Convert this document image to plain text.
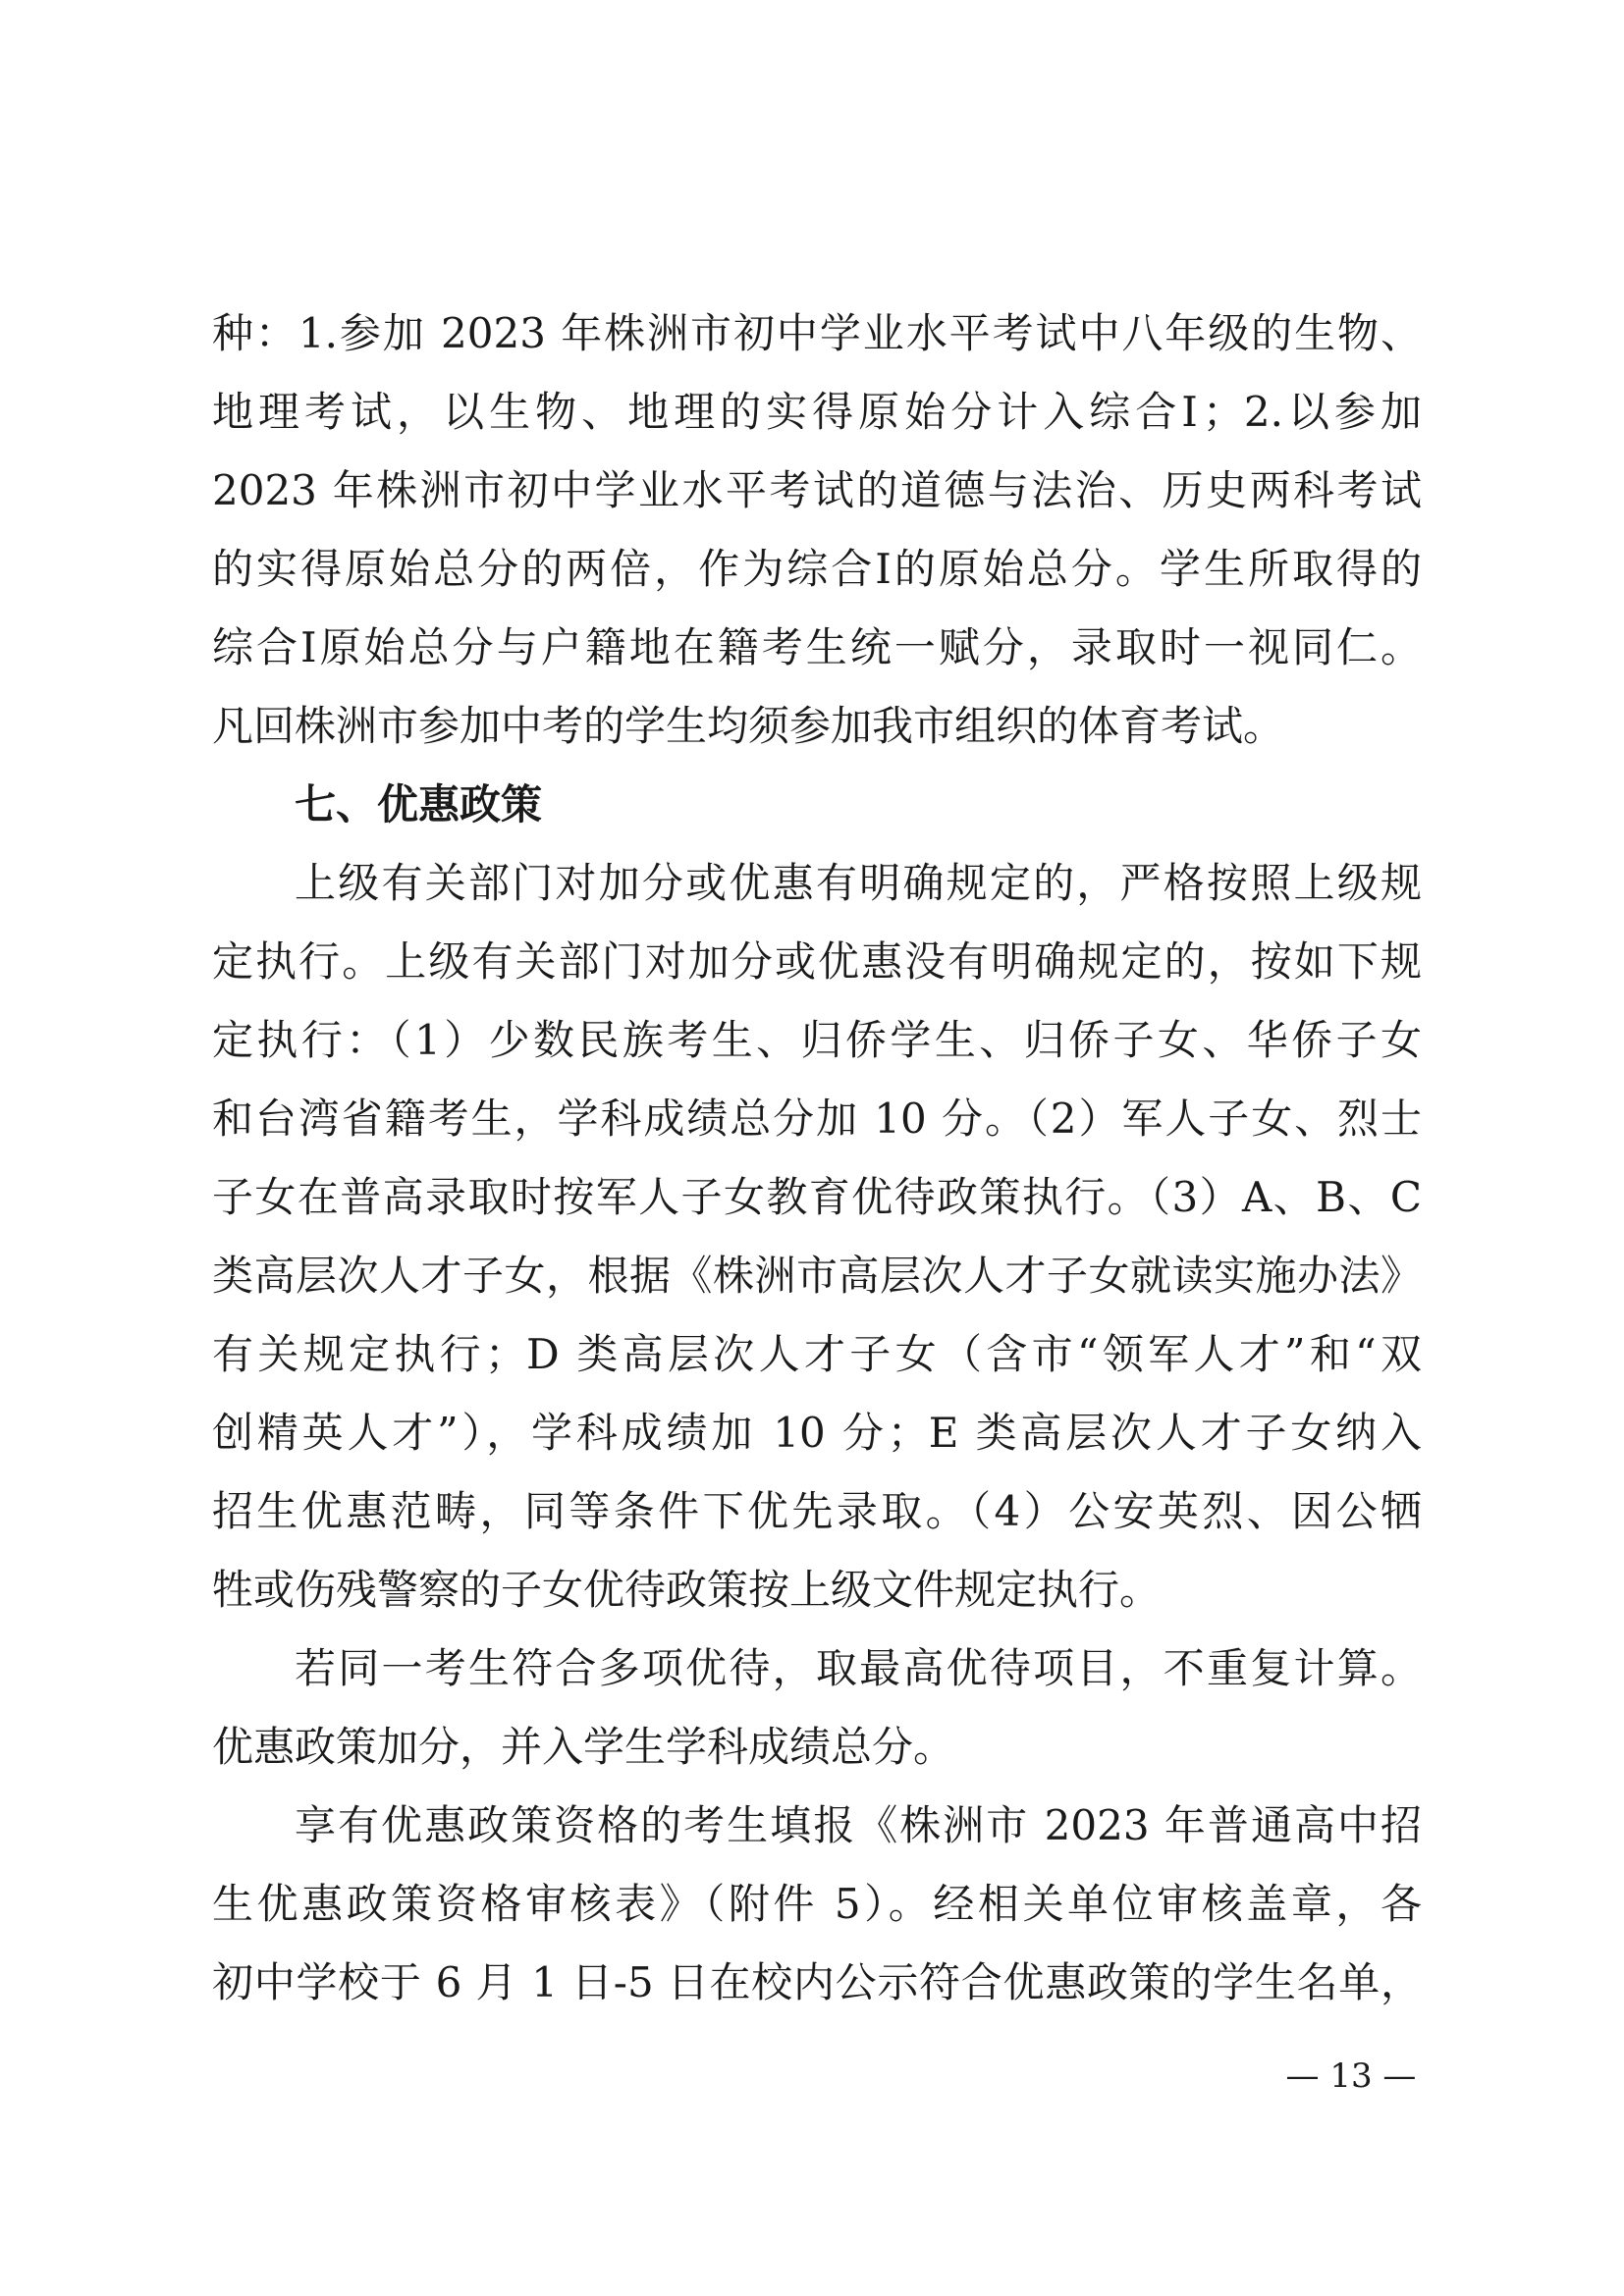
种：1.参加 2023 年株洲市初中学业水平考试中八年级的生物、
地理考试，以生物、地理的实得原始分计入综合Ⅰ；2.以参加
2023 年株洲市初中学业水平考试的道德与法治、历史两科考试
的实得原始总分的两倍，作为综合Ⅰ的原始总分。学生所取得的
综合Ⅰ原始总分与户籍地在籍考生统一赋分，录取时一视同仁。
凡回株洲市参加中考的学生均须参加我市组织的体育考试。
七、优惠政策
上级有关部门对加分或优惠有明确规定的，严格按照上级规
定执行。上级有关部门对加分或优惠没有明确规定的，按如下规
定执行：（1）少数民族考生、归侨学生、归侨子女、华侨子女
和台湾省籍考生，学科成绩总分加 10 分。（2）军人子女、烈士
子女在普高录取时按军人子女教育优待政策执行。（3）A、B、C
类高层次人才子女，根据《株洲市高层次人才子女就读实施办法》
有关规定执行；D 类高层次人才子女（含市“领军人才”和“双
创精英人才”），学科成绩加 10 分；E 类高层次人才子女纳入
招生优惠范畴，同等条件下优先录取。（4）公安英烈、因公牺
牲或伤残警察的子女优待政策按上级文件规定执行。
若同一考生符合多项优待，取最高优待项目，不重复计算。
优惠政策加分，并入学生学科成绩总分。
享有优惠政策资格的考生填报《株洲市 2023 年普通高中招
生优惠政策资格审核表》（附件 5）。经相关单位审核盖章，各
初中学校于 6 月 1 日-5 日在校内公示符合优惠政策的学生名单，
— 13 —
